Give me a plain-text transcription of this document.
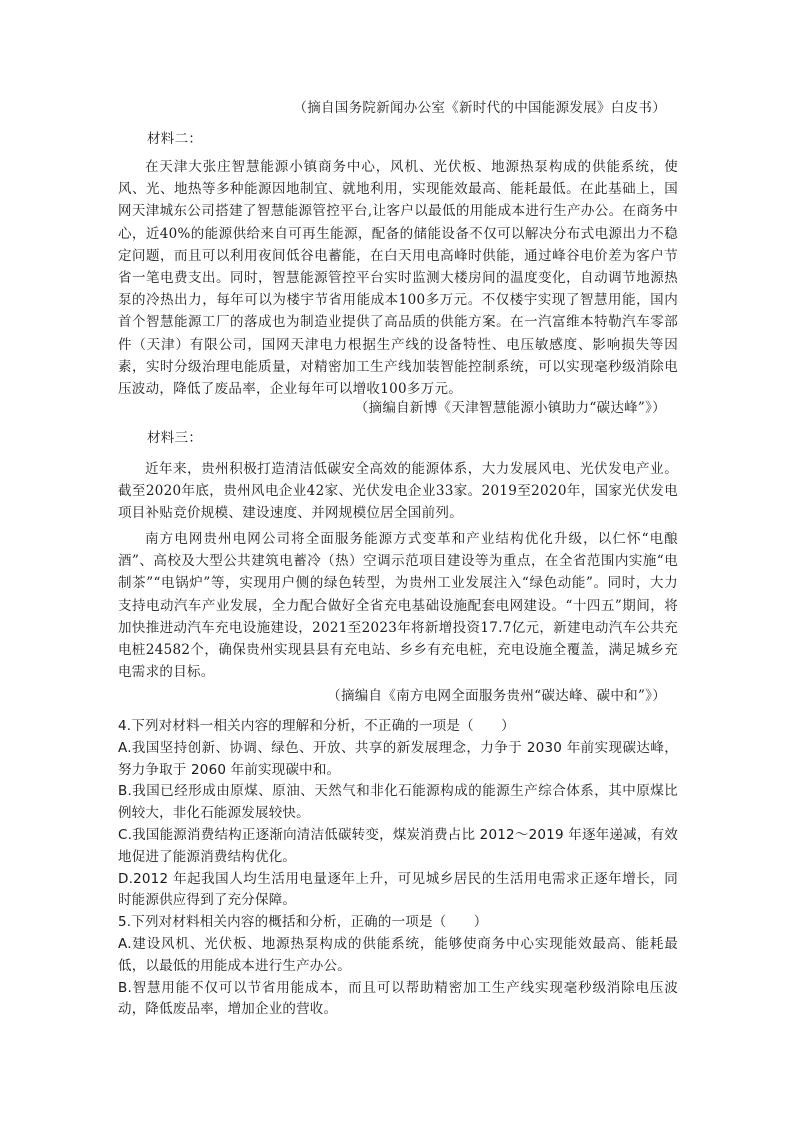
（摘自国务院新闻办公室《新时代的中国能源发展》白皮书）
材料二：

在天津大张庄智慧能源小镇商务中心，风机、光伏板、地源热泵构成的供能系统，使风、光、地热等多种能源因地制宜、就地利用，实现能效最高、能耗最低。在此基础上，国网天津城东公司搭建了智慧能源管控平台,让客户以最低的用能成本进行生产办公。在商务中心，近40%的能源供给来自可再生能源，配备的储能设备不仅可以解决分布式电源出力不稳定问题，而且可以利用夜间低谷电蓄能，在白天用电高峰时供能，通过峰谷电价差为客户节省一笔电费支出。同时，智慧能源管控平台实时监测大楼房间的温度变化，自动调节地源热泵的冷热出力，每年可以为楼宇节省用能成本100多万元。不仅楼宇实现了智慧用能，国内首个智慧能源工厂的落成也为制造业提供了高品质的供能方案。在一汽富维本特勒汽车零部件（天津）有限公司，国网天津电力根据生产线的设备特性、电压敏感度、影响损失等因素，实时分级治理电能质量，对精密加工生产线加装智能控制系统，可以实现毫秒级消除电压波动，降低了废品率，企业每年可以增收100多万元。

（摘编自新博《天津智慧能源小镇助力“碳达峰”》）
材料三：

近年来，贵州积极打造清洁低碳安全高效的能源体系，大力发展风电、光伏发电产业。截至2020年底，贵州风电企业42家、光伏发电企业33家。2019至2020年，国家光伏发电项目补贴竞价规模、建设速度、并网规模位居全国前列。

南方电网贵州电网公司将全面服务能源方式变革和产业结构优化升级，以仁怀“电酿酒”、高校及大型公共建筑电蓄冷（热）空调示范项目建设等为重点，在全省范围内实施“电制茶”“电锅炉”等，实现用户侧的绿色转型，为贵州工业发展注入“绿色动能”。同时，大力支持电动汽车产业发展，全力配合做好全省充电基础设施配套电网建设。“十四五”期间，将加快推进动汽车充电设施建设，2021至2023年将新增投资17.7亿元，新建电动汽车公共充电桩24582个，确保贵州实现县县有充电站、乡乡有充电桩，充电设施全覆盖，满足城乡充电需求的目标。

（摘编自《南方电网全面服务贵州“碳达峰、碳中和”》）

4.下列对材料一相关内容的理解和分析，不正确的一项是（　　）

A.我国坚持创新、协调、绿色、开放、共享的新发展理念，力争于 2030 年前实现碳达峰，努力争取于 2060 年前实现碳中和。

B.我国已经形成由原煤、原油、天然气和非化石能源构成的能源生产综合体系，其中原煤比例较大，非化石能源发展较快。

C.我国能源消费结构正逐渐向清洁低碳转变，煤炭消费占比 2012～2019 年逐年递减，有效地促进了能源消费结构优化。

D.2012 年起我国人均生活用电量逐年上升，可见城乡居民的生活用电需求正逐年增长，同时能源供应得到了充分保障。

5.下列对材料相关内容的概括和分析，正确的一项是（　　）

A.建设风机、光伏板、地源热泵构成的供能系统，能够使商务中心实现能效最高、能耗最低，以最低的用能成本进行生产办公。

B.智慧用能不仅可以节省用能成本，而且可以帮助精密加工生产线实现毫秒级消除电压波动，降低废品率，增加企业的营收。
